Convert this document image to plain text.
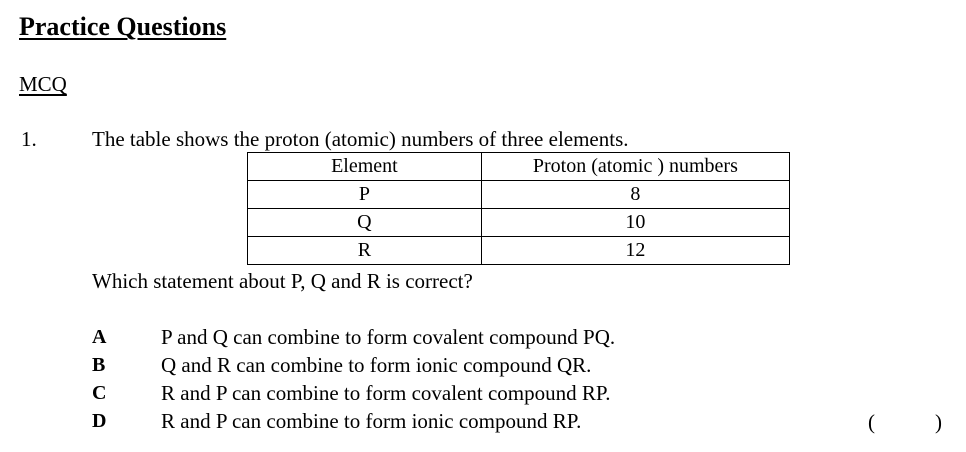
Practice Questions
MCQ
1.	The table shows the proton (atomic) numbers of three elements.
Element	Proton (atomic ) numbers
P	8
Q	10
R	12
Which statement about P, Q and R is correct?
A	P and Q can combine to form covalent compound PQ.
B	Q and R can combine to form ionic compound QR.
C	R and P can combine to form covalent compound RP.
D	R and P can combine to form ionic compound RP.	(	)
